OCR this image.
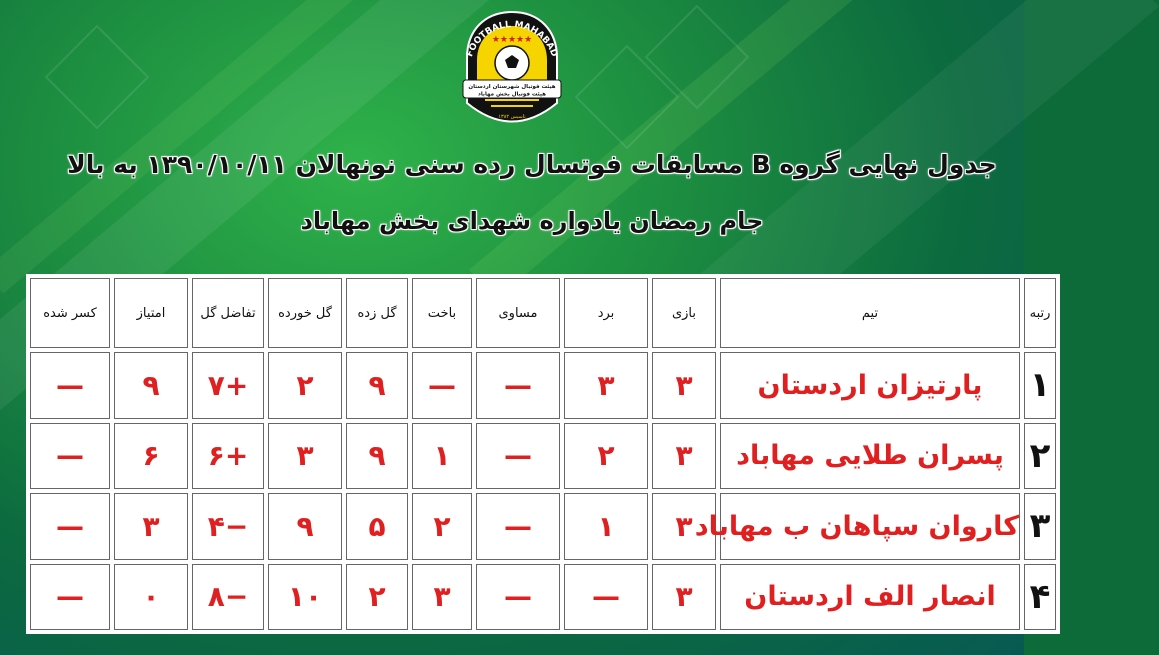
★★★★★
FOOTBALL MAHABAD
هیئت فوتبال شهرستان اردستان
هیئت فوتبال بخش مهاباد
تاسیس ۱۳۸۲
جدول نهایی گروه B مسابقات فوتسال رده سنی نونهالان ۱۳۹۰/۱۰/۱۱ به بالا
جام رمضان یادواره شهدای بخش مهاباد
رتبه	تیم	بازی	برد	مساوی	باخت	گل زده	گل خورده	تفاضل گل	امتیاز	کسر شده
١	پارتیزان اردستان	۳	۳	—	—	۹	۲	+۷	۹	—
٢	پسران طلایی مهاباد	۳	۲	—	۱	۹	۳	+۶	۶	—
٣	کاروان سپاهان ب مهاباد	۳	۱	—	۲	۵	۹	−۴	۳	—
۴	انصار الف اردستان	۳	—	—	۳	۲	۱۰	−۸	۰	—
